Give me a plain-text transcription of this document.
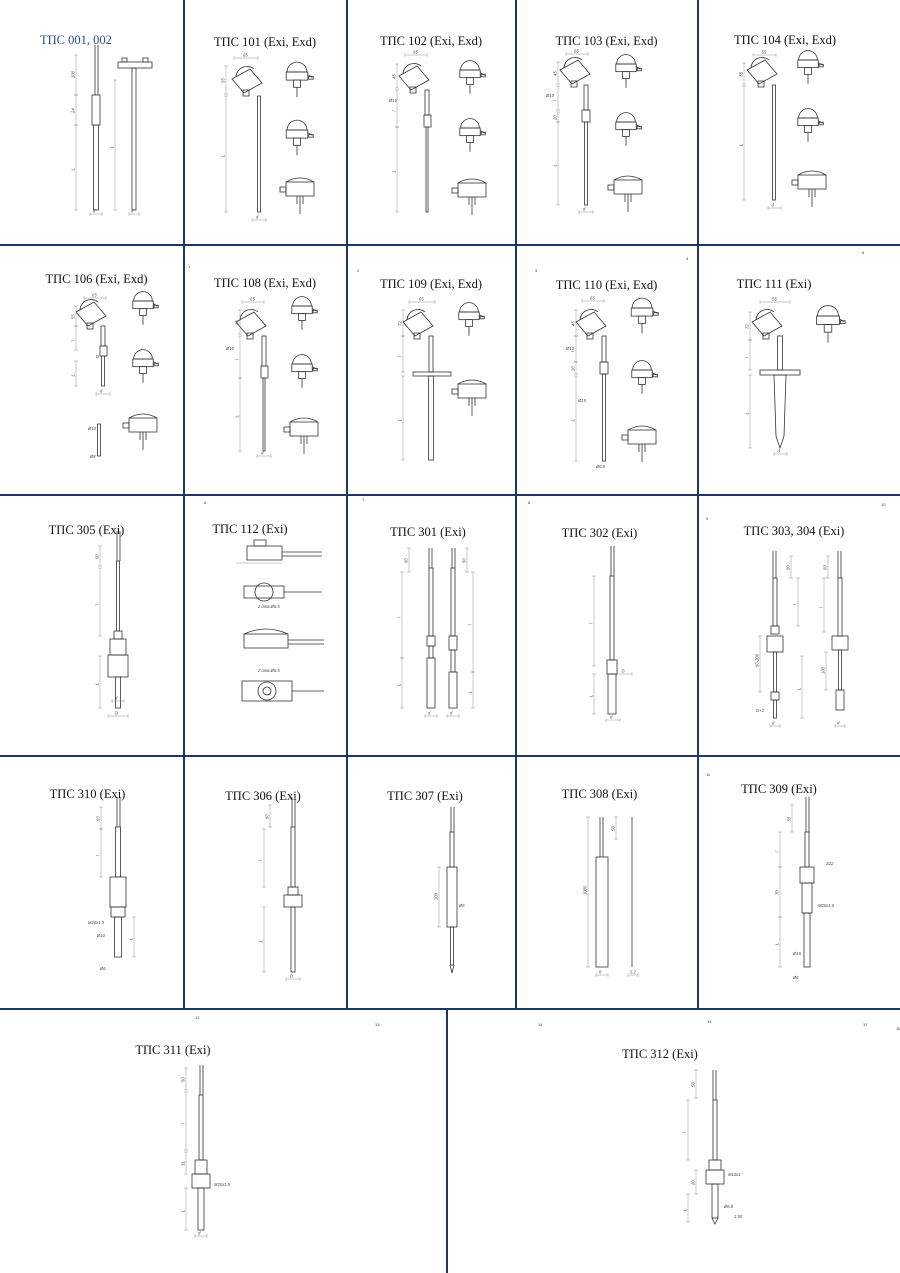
1
2	3
4
5
6
7
8
9
10
11
12
13	14
15
16
17
ТПС 001, 002
100
24
L
d	d
L
ТПС 101 (Exi, Exd)
65
55
L
d
ТПС 102 (Exi, Exd)
65
45
Ø10
l
L
ТПС 103 (Exi, Exd)
65
45
Ø10
l
20
L
d
ТПС 104 (Exi, Exd)
65
55
L
d
ТПС 106 (Exi, Exd)
65
55
l
D
L
d
Ø10
Ø8
ТПС 108 (Exi, Exd)
65
45
Ø10
l
L
d
ТПС 109 (Exi, Exd)
65
72
l
L
ТПС 110 (Exi, Exd)
65
45
Ø10
l
20
L
Ø15
Ø6.5
ТПС 111 (Exi)
55
72
l
L
d
ТПС 305 (Exi)
50
l
L
d
D
ТПС 112 (Exi)
2 отв.Ø6.5
2 отв.Ø6.5
ТПС 301 (Exi)
50	50
l
l
L
L
d	d
ТПС 302 (Exi)
l
D
L
d
ТПС 303, 304 (Exi)
50	50
l
l
50-200
100
L
D+3
d	d
ТПС 310 (Exi)
50
l
M20x1.5
Ø10
L
Ø6
ТПС 306 (Exi)
50
l
L
D
ТПС 307 (Exi)
Ø6
100
ТПС 308 (Exi)
50
1000
8	3.2
ТПС 309 (Exi)
50
l
S22
70
M20x1.5
Ø15
L
Ø6
ТПС 311 (Exi)
50
l
31
M20x1.5
L
d
ТПС 312 (Exi)
50
l
M10x1
20
Ø6.8
1:50
L
